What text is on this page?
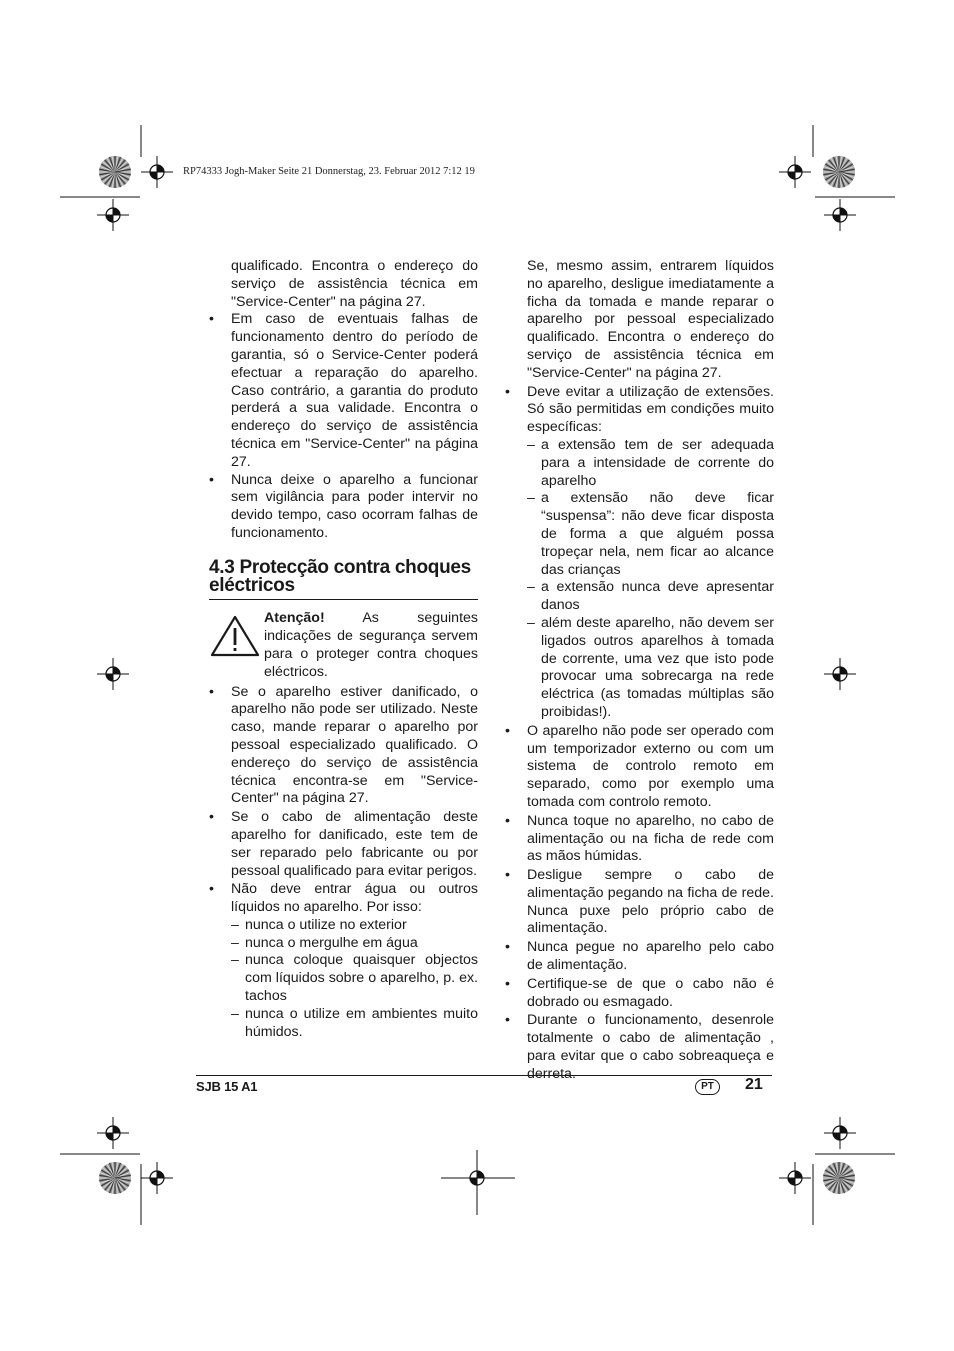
RP74333 Jogh-Maker Seite 21 Donnerstag, 23. Februar 2012 7:12 19
qualificado. Encontra o endereço do serviço de assistência técnica em "Service-Center" na página 27.
• Em caso de eventuais falhas de funcionamento dentro do período de garantia, só o Service-Center poderá efectuar a reparação do aparelho. Caso contrário, a garantia do produto perderá a sua validade. Encontra o endereço do serviço de assistência técnica em "Service-Center" na página 27.
• Nunca deixe o aparelho a funcionar sem vigilância para poder intervir no devido tempo, caso ocorram falhas de funcionamento.
4.3 Protecção contra choques eléctricos
Atenção! As seguintes indicações de segurança servem para o proteger contra choques eléctricos.
• Se o aparelho estiver danificado, o aparelho não pode ser utilizado. Neste caso, mande reparar o aparelho por pessoal especializado qualificado. O endereço do serviço de assistência técnica encontra-se em "Service-Center" na página 27.
• Se o cabo de alimentação deste aparelho for danificado, este tem de ser reparado pelo fabricante ou por pessoal qualificado para evitar perigos.
• Não deve entrar água ou outros líquidos no aparelho. Por isso:
– nunca o utilize no exterior
– nunca o mergulhe em água
– nunca coloque quaisquer objectos com líquidos sobre o aparelho, p. ex. tachos
– nunca o utilize em ambientes muito húmidos.
Se, mesmo assim, entrarem líquidos no aparelho, desligue imediatamente a ficha da tomada e mande reparar o aparelho por pessoal especializado qualificado. Encontra o endereço do serviço de assistência técnica em "Service-Center" na página 27.
• Deve evitar a utilização de extensões. Só são permitidas em condições muito específicas:
– a extensão tem de ser adequada para a intensidade de corrente do aparelho
– a extensão não deve ficar “suspensa”: não deve ficar disposta de forma a que alguém possa tropeçar nela, nem ficar ao alcance das crianças
– a extensão nunca deve apresentar danos
– além deste aparelho, não devem ser ligados outros aparelhos à tomada de corrente, uma vez que isto pode provocar uma sobrecarga na rede eléctrica (as tomadas múltiplas são proibidas!).
• O aparelho não pode ser operado com um temporizador externo ou com um sistema de controlo remoto em separado, como por exemplo uma tomada com controlo remoto.
• Nunca toque no aparelho, no cabo de alimentação ou na ficha de rede com as mãos húmidas.
• Desligue sempre o cabo de alimentação pegando na ficha de rede. Nunca puxe pelo próprio cabo de alimentação.
• Nunca pegue no aparelho pelo cabo de alimentação.
• Certifique-se de que o cabo não é dobrado ou esmagado.
• Durante o funcionamento, desenrole totalmente o cabo de alimentação , para evitar que o cabo sobreaqueça e derreta.
SJB 15 A1	PT	21
